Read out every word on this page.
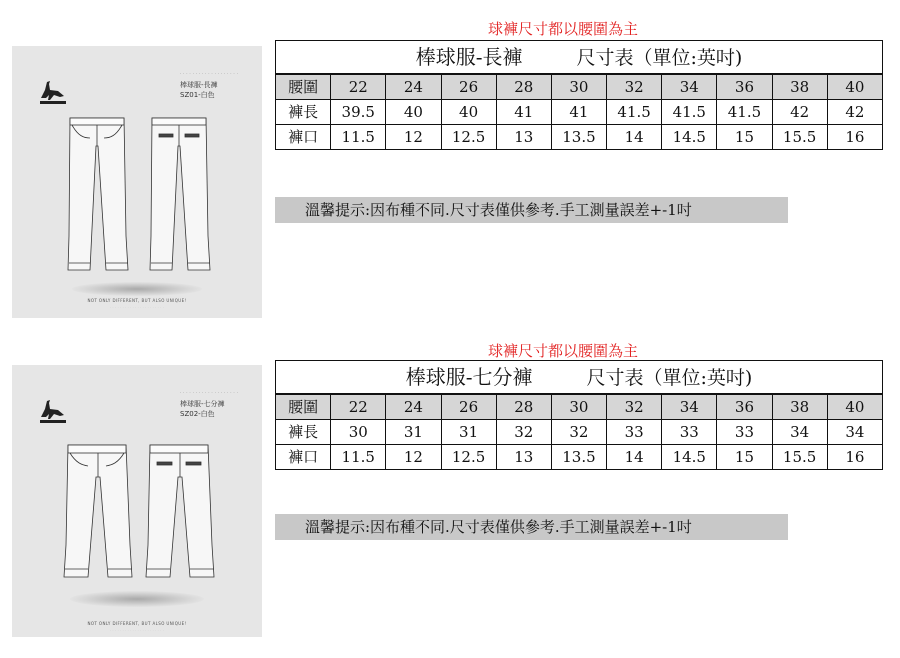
· · · · · · · · · · · · · · · · · · ·
棒球服-長褲
SZ01-白色
NOT ONLY DIFFERENT, BUT ALSO UNIQUE!
· · · · · · · · · · · · · · · · · · · · · ·
球褲尺寸都以腰圍為主
棒球服-長褲 尺寸表（單位:英吋)										
腰圍	22	24	26	28	30	32	34	36	38	40
褲長	39.5	40	40	41	41	41.5	41.5	41.5	42	42
褲口	11.5	12	12.5	13	13.5	14	14.5	15	15.5	16
溫馨提示:因布種不同.尺寸表僅供參考.手工測量誤差+-1吋
· · · · · · · · · · · · · · · · · · ·
棒球服-七分褲
SZ02-白色
NOT ONLY DIFFERENT, BUT ALSO UNIQUE!
· · · · · · · · · · · · · · · · · · · · · ·
球褲尺寸都以腰圍為主
棒球服-七分褲 尺寸表（單位:英吋)										
腰圍	22	24	26	28	30	32	34	36	38	40
褲長	30	31	31	32	32	33	33	33	34	34
褲口	11.5	12	12.5	13	13.5	14	14.5	15	15.5	16
溫馨提示:因布種不同.尺寸表僅供參考.手工測量誤差+-1吋
